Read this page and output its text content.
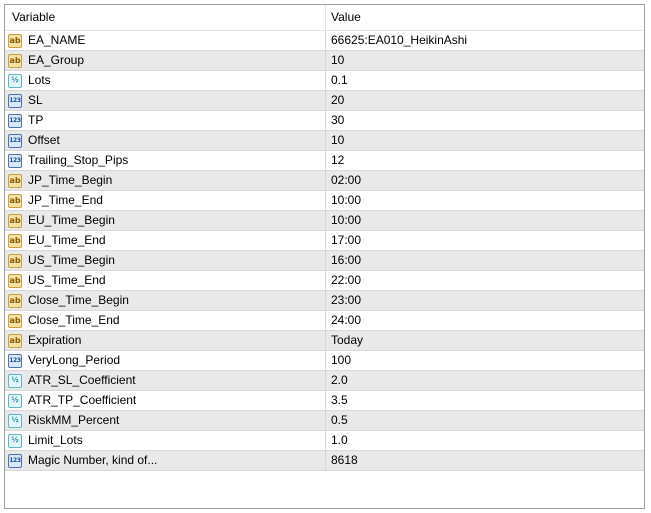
Variable	Value
ab EA_NAME	66625:EA010_HeikinAshi
ab EA_Group	10
½ Lots	0.1
123 SL	20
123 TP	30
123 Offset	10
123 Trailing_Stop_Pips	12
ab JP_Time_Begin	02:00
ab JP_Time_End	10:00
ab EU_Time_Begin	10:00
ab EU_Time_End	17:00
ab US_Time_Begin	16:00
ab US_Time_End	22:00
ab Close_Time_Begin	23:00
ab Close_Time_End	24:00
ab Expiration	Today
123 VeryLong_Period	100
½ ATR_SL_Coefficient	2.0
½ ATR_TP_Coefficient	3.5
½ RiskMM_Percent	0.5
½ Limit_Lots	1.0
123 Magic Number, kind of...	8618
